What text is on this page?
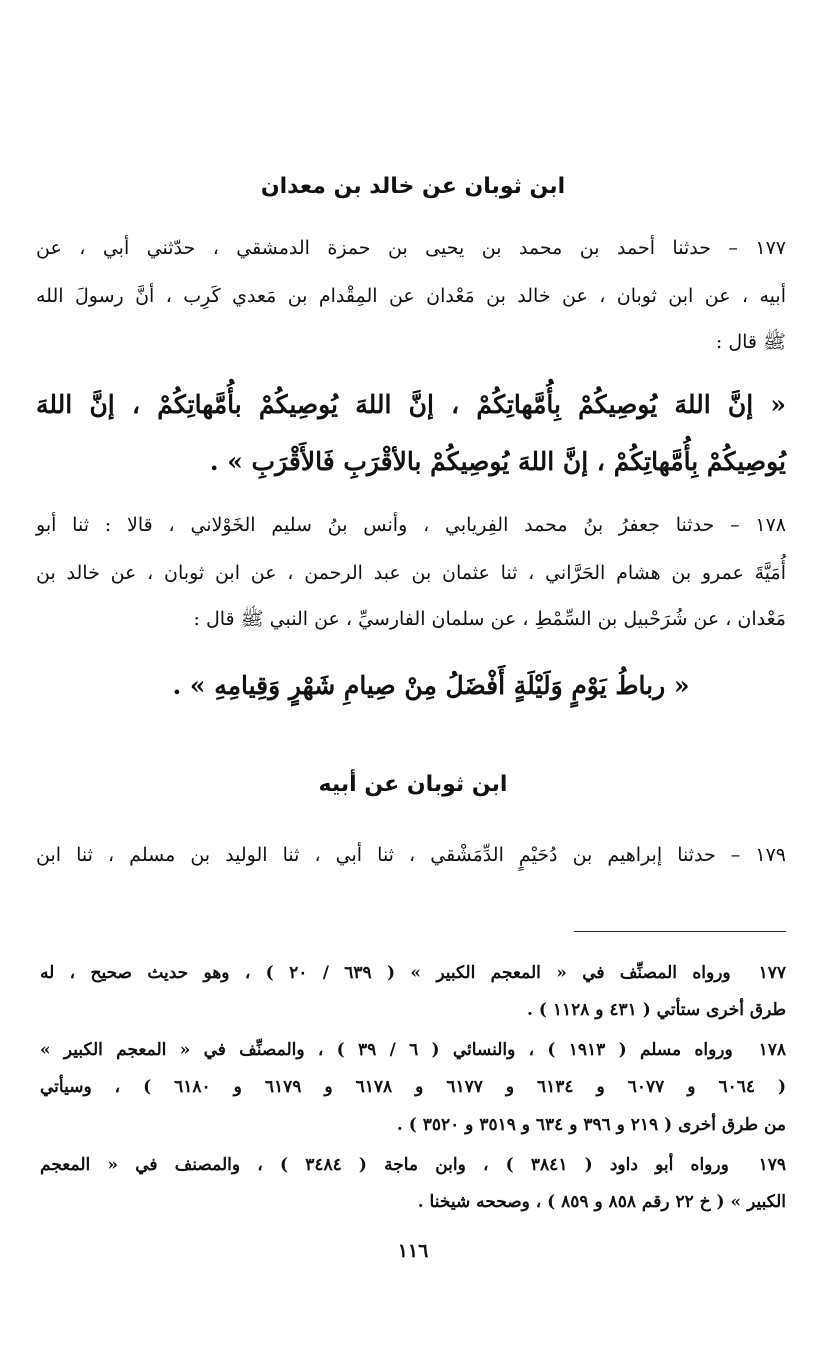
ابن ثوبان عن خالد بن معدان
١٧٧ – حدثنا أحمد بن محمد بن يحيى بن حمزة الدمشقي ، حدّثني أبي ، عن
أبيه ، عن ابن ثوبان ، عن خالد بن مَعْدان عن المِقْدام بن مَعدي كَرِب ، أنَّ رسولَ الله
ﷺ قال :
« إنَّ اللهَ يُوصِيكُمْ بِأُمَّهاتِكُمْ ، إنَّ اللهَ يُوصِيكُمْ بأُمَّهاتِكُمْ ، إنَّ اللهَ
يُوصِيكُمْ بِأُمَّهاتِكُمْ ، إنَّ اللهَ يُوصِيكُمْ بالأقْرَبِ فَالأَقْرَبِ » .
١٧٨ – حدثنا جعفرُ بنُ محمد الفِريابي ، وأنس بنُ سليم الخَوْلاني ، قالا : ثنا أبو
أُمَيَّةَ عمرو بن هشام الحَرَّاني ، ثنا عثمان بن عبد الرحمن ، عن ابن ثوبان ، عن خالد بن
مَعْدان ، عن شُرَحْبيل بن السِّمْطِ ، عن سلمان الفارسيِّ ، عن النبي ﷺ قال :
« رباطُ يَوْمٍ وَلَيْلَةٍ أَفْضَلُ مِنْ صِيامِ شَهْرٍ وَقِيامِهِ » .
ابن ثوبان عن أبيه
١٧٩ – حدثنا إبراهيم بن دُحَيْمٍ الدِّمَشْقي ، ثنا أبي ، ثنا الوليد بن مسلم ، ثنا ابن
١٧٧ ورواه المصنِّف في « المعجم الكبير » ( ٦٣٩ / ٢٠ ) ، وهو حديث صحيح ، له
طرق أخرى ستأتي ( ٤٣١ و ١١٢٨ ) .
١٧٨ ورواه مسلم ( ١٩١٣ ) ، والنسائي ( ٦ / ٣٩ ) ، والمصنِّف في « المعجم الكبير »
( ٦٠٦٤ و ٦٠٧٧ و ٦١٣٤ و ٦١٧٧ و ٦١٧٨ و ٦١٧٩ و ٦١٨٠ ) ، وسيأتي
من طرق أخرى ( ٢١٩ و ٣٩٦ و ٦٣٤ و ٣٥١٩ و ٣٥٢٠ ) .
١٧٩ ورواه أبو داود ( ٣٨٤١ ) ، وابن ماجة ( ٣٤٨٤ ) ، والمصنف في « المعجم
الكبير » ( خ ٢٢ رقم ٨٥٨ و ٨٥٩ ) ، وصححه شيخنا .
١١٦
